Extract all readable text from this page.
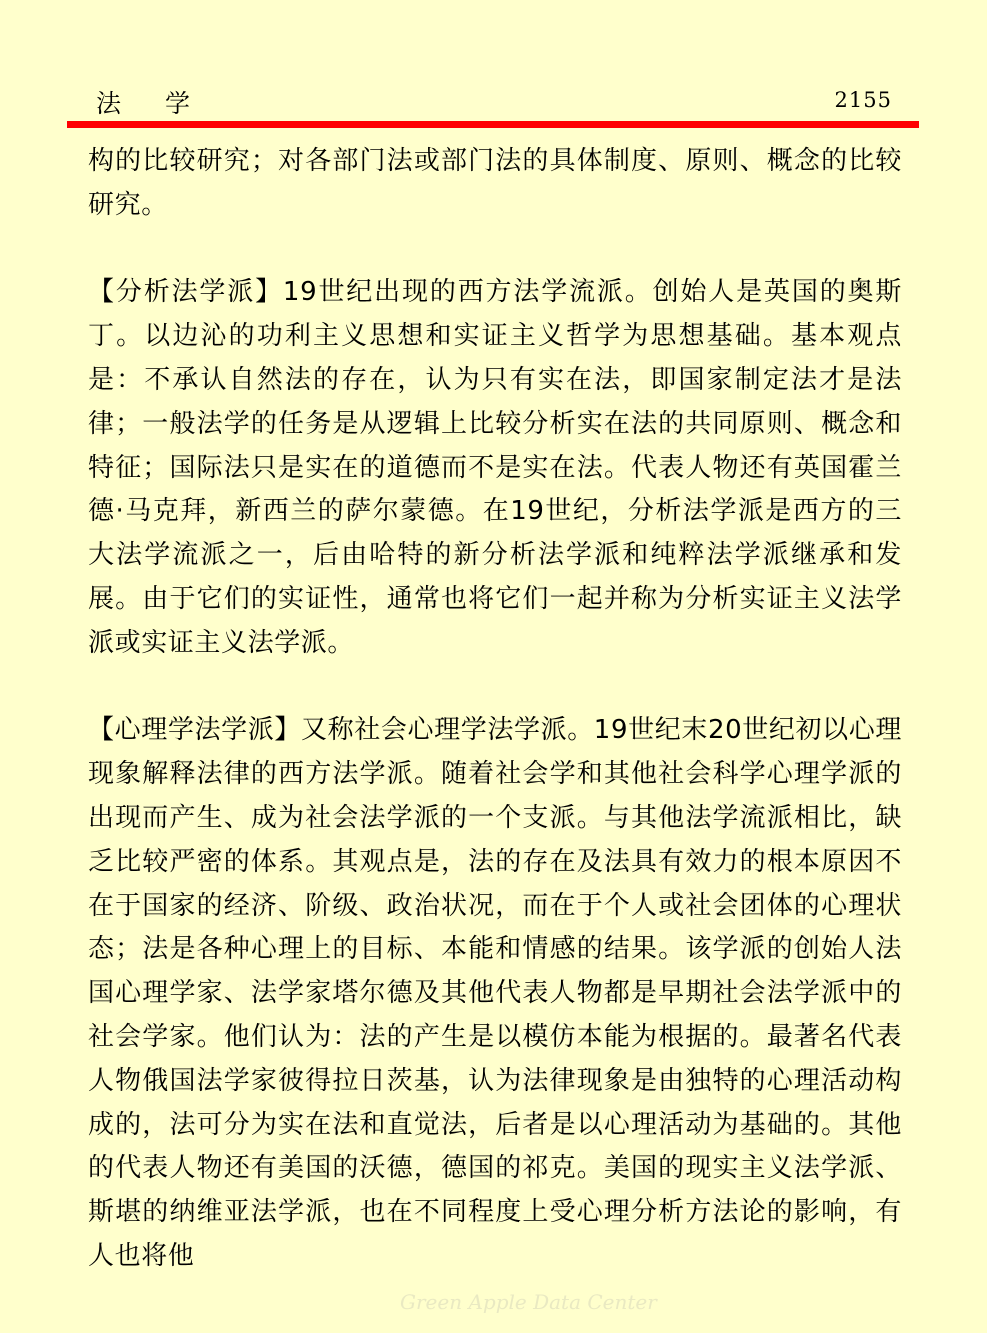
法学	2155

构的比较研究；对各部门法或部门法的具体制度、原则、概念的比较研究。

【分析法学派】19世纪出现的西方法学流派。创始人是英国的奥斯丁。以边沁的功利主义思想和实证主义哲学为思想基础。基本观点是：不承认自然法的存在，认为只有实在法，即国家制定法才是法律；一般法学的任务是从逻辑上比较分析实在法的共同原则、概念和特征；国际法只是实在的道德而不是实在法。代表人物还有英国霍兰德·马克拜，新西兰的萨尔蒙德。在19世纪，分析法学派是西方的三大法学流派之一，后由哈特的新分析法学派和纯粹法学派继承和发展。由于它们的实证性，通常也将它们一起并称为分析实证主义法学派或实证主义法学派。

【心理学法学派】又称社会心理学法学派。19世纪末20世纪初以心理现象解释法律的西方法学派。随着社会学和其他社会科学心理学派的出现而产生、成为社会法学派的一个支派。与其他法学流派相比，缺乏比较严密的体系。其观点是，法的存在及法具有效力的根本原因不在于国家的经济、阶级、政治状况，而在于个人或社会团体的心理状态；法是各种心理上的目标、本能和情感的结果。该学派的创始人法国心理学家、法学家塔尔德及其他代表人物都是早期社会法学派中的社会学家。他们认为：法的产生是以模仿本能为根据的。最著名代表人物俄国法学家彼得拉日茨基，认为法律现象是由独特的心理活动构成的，法可分为实在法和直觉法，后者是以心理活动为基础的。其他的代表人物还有美国的沃德，德国的祁克。美国的现实主义法学派、斯堪的纳维亚法学派，也在不同程度上受心理分析方法论的影响，有人也将他

Green Apple Data Center
